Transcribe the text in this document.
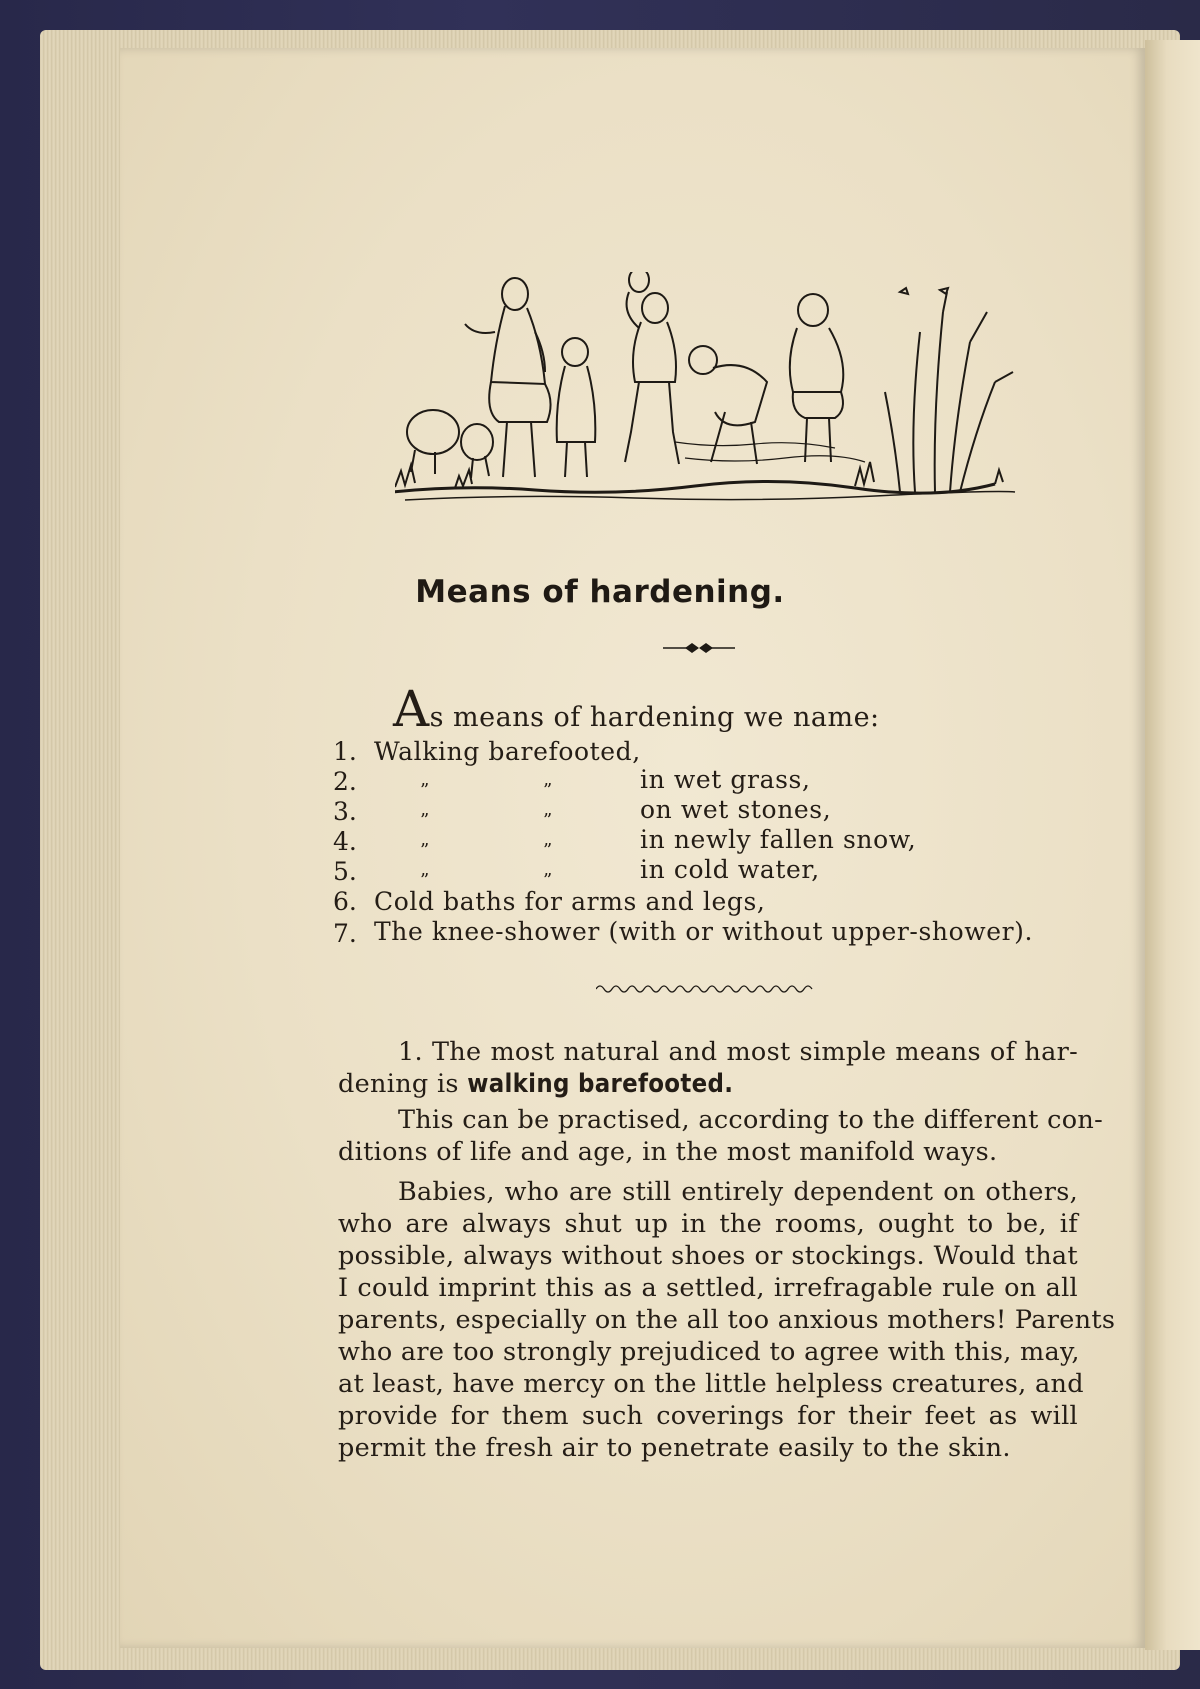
Means of hardening.
As means of hardening we name:
1. Walking barefooted,
2.	”	”	in wet grass,
3.	”	”	on wet stones,
4.	”	”	in newly fallen snow,
5.	”	”	in cold water,
6. Cold baths for arms and legs,
7. The knee-shower (with or without upper-shower).
1. The most natural and most simple means of har-
dening is walking barefooted.
This can be practised, according to the different con-
ditions of life and age, in the most manifold ways.
Babies, who are still entirely dependent on others,
who are always shut up in the rooms, ought to be, if
possible, always without shoes or stockings. Would that
I could imprint this as a settled, irrefragable rule on all
parents, especially on the all too anxious mothers! Parents
who are too strongly prejudiced to agree with this, may,
at least, have mercy on the little helpless creatures, and
provide for them such coverings for their feet as will
permit the fresh air to penetrate easily to the skin.
